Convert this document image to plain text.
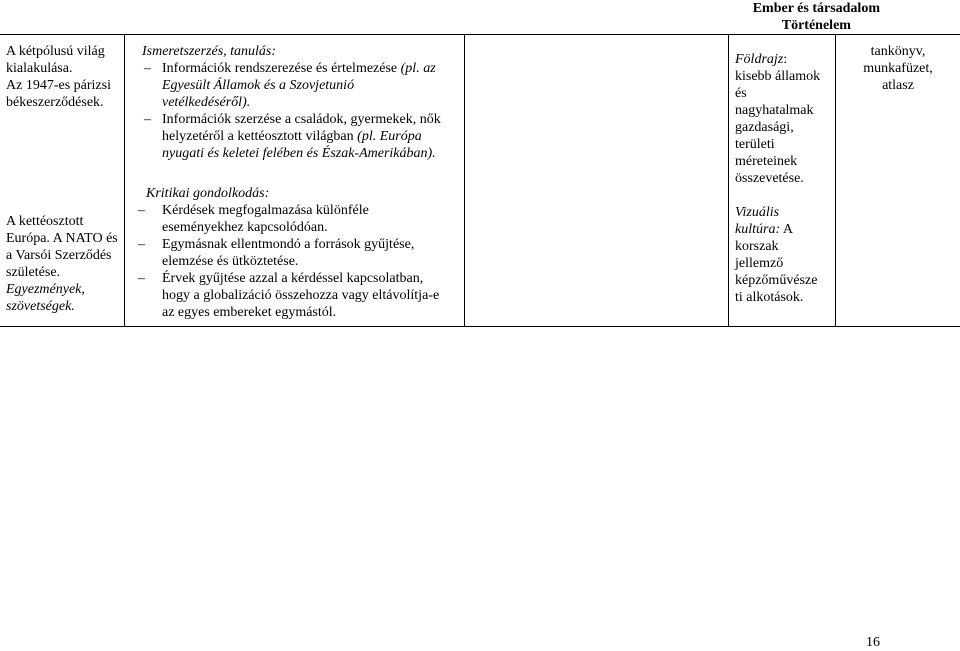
Ember és társadalom
Történelem
A kétpólusú világ
kialakulása.
Az 1947-es párizsi
békeszerződések.
A kettéosztott
Európa. A NATO és
a Varsói Szerződés
születése.
Egyezmények,
szövetségek.
Ismeretszerzés, tanulás:
– Információk rendszerezése és értelmezése (pl. az
Egyesült Államok és a Szovjetunió
vetélkedéséről).
– Információk szerzése a családok, gyermekek, nők
helyzetéről a kettéosztott világban (pl. Európa
nyugati és keletei felében és Észak-Amerikában).
Kritikai gondolkodás:
– Kérdések megfogalmazása különféle
eseményekhez kapcsolódóan.
– Egymásnak ellentmondó a források gyűjtése,
elemzése és ütköztetése.
– Érvek gyűjtése azzal a kérdéssel kapcsolatban,
hogy a globalizáció összehozza vagy eltávolítja-e
az egyes embereket egymástól.
Földrajz:
kisebb államok
és
nagyhatalmak
gazdasági,
területi
méreteinek
összevetése.
Vizuális
kultúra: A
korszak
jellemző
képzőművésze
ti alkotások.
tankönyv,
munkafüzet,
atlasz
16
